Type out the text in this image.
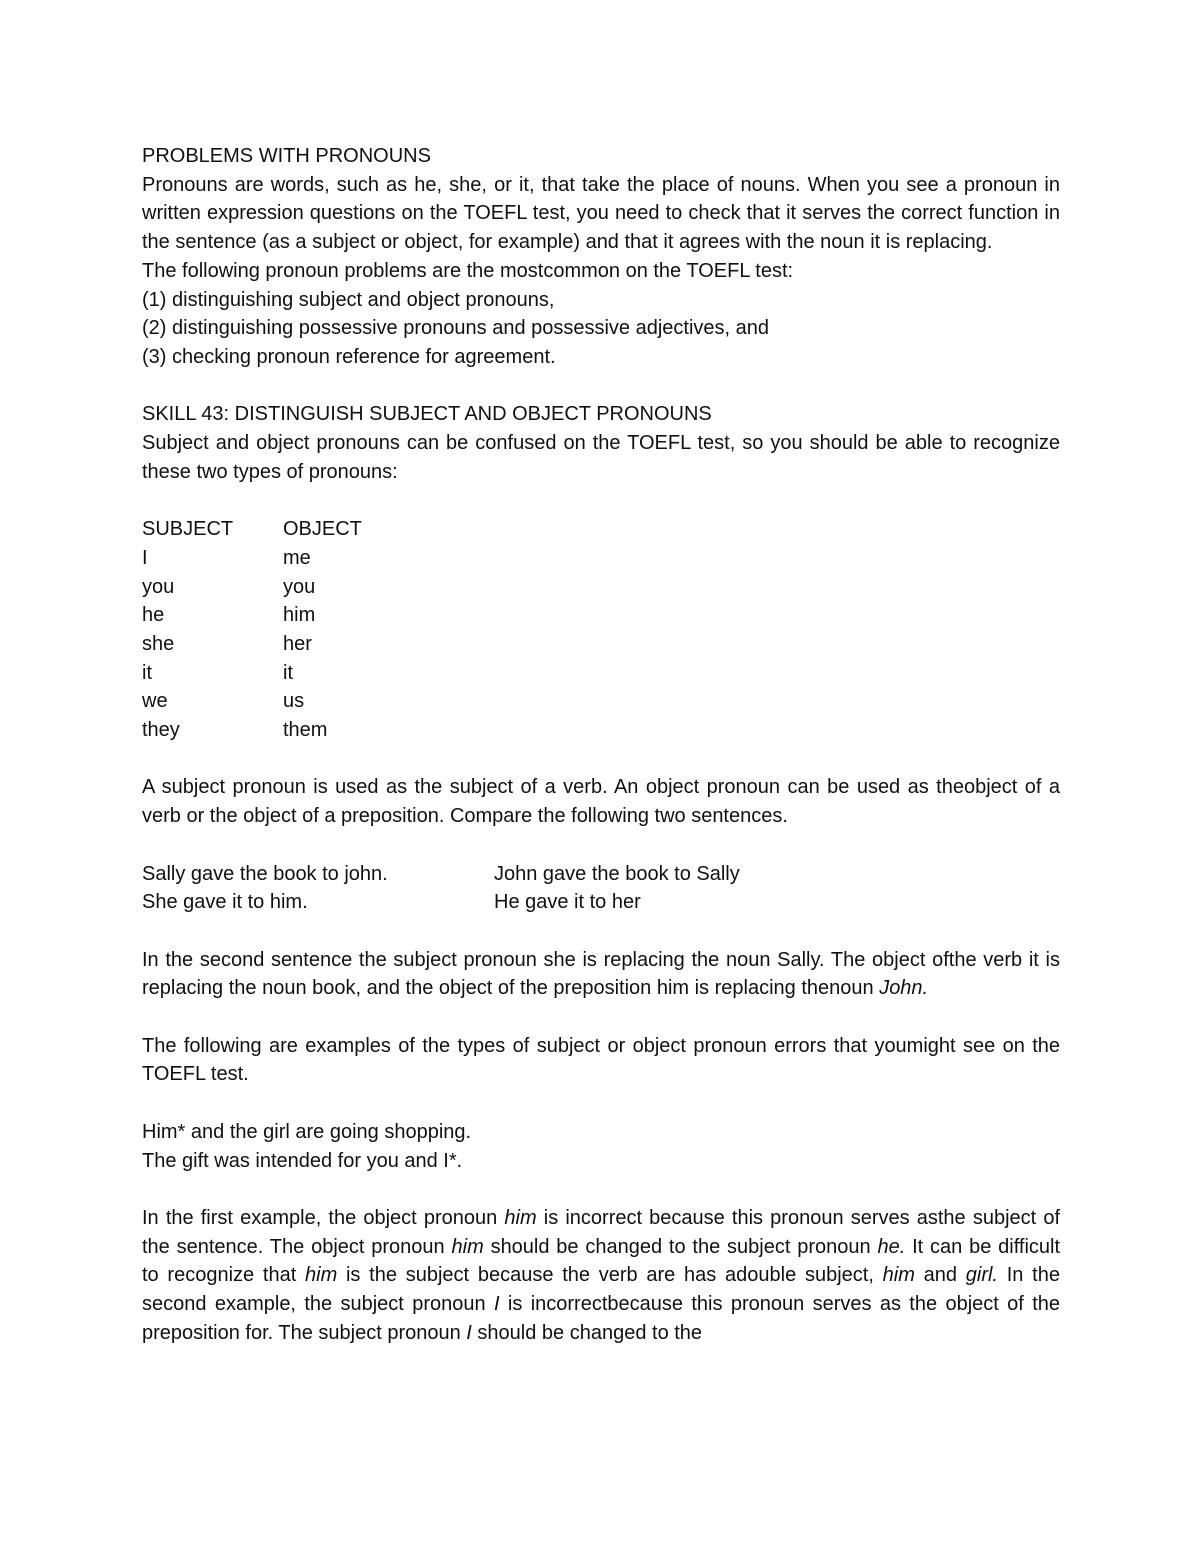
PROBLEMS WITH PRONOUNS
Pronouns are words, such as he, she, or it, that take the place of nouns. When you see a pronoun in written expression questions on the TOEFL test, you need to check that it serves the correct function in the sentence (as a subject or object, for example) and that it agrees with the noun it is replacing.
The following pronoun problems are the mostcommon on the TOEFL test:
(1) distinguishing subject and object pronouns,
(2) distinguishing possessive pronouns and possessive adjectives, and
(3) checking pronoun reference for agreement.
SKILL 43: DISTINGUISH SUBJECT AND OBJECT PRONOUNS
Subject and object pronouns can be confused on the TOEFL test, so you should be able to recognize these two types of pronouns:
SUBJECT	OBJECT
I	me
you	you
he	him
she	her
it	it
we	us
they	them
A subject pronoun is used as the subject of a verb. An object pronoun can be used as theobject of a verb or the object of a preposition. Compare the following two sentences.
Sally gave the book to john.	John gave the book to Sally
She gave it to him.	He gave it to her
In the second sentence the subject pronoun she is replacing the noun Sally. The object ofthe verb it is replacing the noun book, and the object of the preposition him is replacing thenoun John.
The following are examples of the types of subject or object pronoun errors that youmight see on the TOEFL test.
Him* and the girl are going shopping.
The gift was intended for you and I*.
In the first example, the object pronoun him is incorrect because this pronoun serves asthe subject of the sentence. The object pronoun him should be changed to the subject pronoun he. It can be difficult to recognize that him is the subject because the verb are has adouble subject, him and girl. In the second example, the subject pronoun I is incorrectbecause this pronoun serves as the object of the preposition for. The subject pronoun I should be changed to the
